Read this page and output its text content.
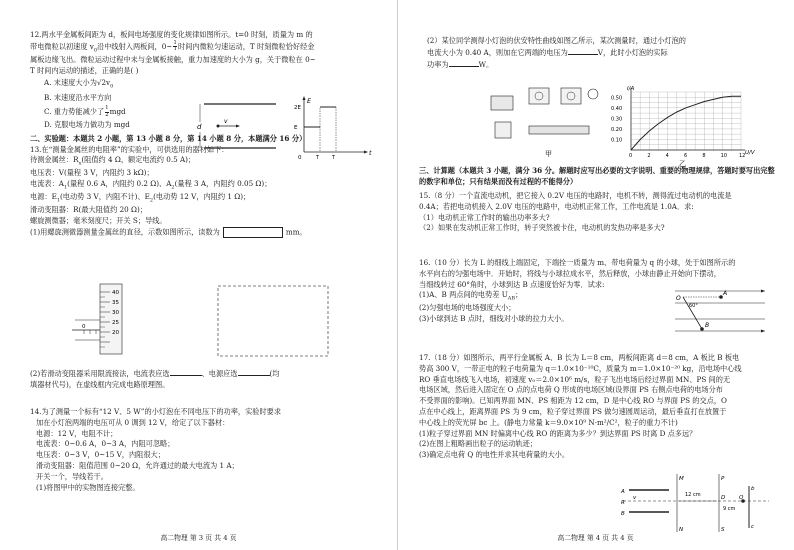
12.两水平金属板间距为 d，板间电场强度的变化规律如图所示。t=0 时刻，质量为 m 的

带电微粒以初速度 $v_0$沿中线射入两板间，0~ $\frac{1}{T}$ 时间内微粒匀速运动，T 时刻微粒恰好经金

属板边缘飞出。微粒运动过程中未与金属板接触，重力加速度的大小为 g，关于微粒在 0~

T 时间内运动的描述，正确的是( )

A. 末速度大小为$√2v_0$

B. 末速度沿水平方向

C. 重力势能减少了 $\frac{1}{2}$ mgd

D. 克服电场力做功为 mgd	v
d
E
t
2E
E
0	T	T

二、实验题：本题共 2 小题，第 13 小题 8 分，第 14 小题 8 分，本题满分 16 分）

13.在“测量金属丝的电阻率”的实验中，可供选用的器材如下：

待测金属丝：$R_x$(阻值约 4 Ω，额定电流约 0.5 A)；

电压表：V(量程 3 V，内阻约 3 kΩ)；

电流表：$A_1$(量程 0.6 A，内阻约 0.2 Ω)、$A_2$(量程 3 A，内阻约 0.05 Ω)；

电源：$E_1$(电动势 3 V，内阻不计)、$E_2$(电动势 12 V，内阻约 1 Ω)；

滑动变阻器：R(最大阻值约 20 Ω)；

螺旋测微器；毫米刻度尺；开关 S；导线。

(1)用螺旋测微器测量金属丝的直径，示数如图所示，读数为	mm。

40
35
30
25
20
0

(2)若滑动变阻器采用限流接法，电流表应选	、电源应选	(均

填器材代号)，在虚线框内完成电路原理图。

14.为了测量一个标有“12 V、5 W”的小灯泡在不同电压下的功率，实验时要求

加在小灯泡两端的电压可从 0 调到 12 V，给定了以下器材：

电源：12 V，电阻不计；

电流表：0~0.6 A，0~3 A，内阻可忽略；

电压表：0~3 V，0~15 V，内阻很大；

滑动变阻器：阻值范围 0~20 Ω，允许通过的最大电流为 1 A；

开关一个，导线若干。

(1)将图甲中的实物图连接完整。

高二物理 第 3 页 共 4 页

(2）某位同学测得小灯泡的伏安特性曲线如图乙所示，某次测量时，通过小灯泡的

电流大小为 0.40 A，则加在它两端的电压为	V，此时小灯泡的实际

功率为	W。

甲
I/A
U/V
乙
0	2	4	6	8	10 12
0.10
0.20
0.30
0.40
0.50

三、计算题（本题共 3 小题，满分 36 分。解题时应写出必要的文字说明、重要的物理规律，答题时要写出完整的数字和单位；只有结果而没有过程的不能得分）

15.（8 分）一个直流电动机，把它接入 0.2V 电压的电路时，电机不转，测得流过电动机的电流是

0.4A；若把电动机接入 2.0V 电压的电路中，电动机正常工作，工作电流是 1.0A．求:

（1）电动机正常工作时的输出功率多大?

（2）如果在发动机正常工作时，转子突然被卡住，电动机的发热功率是多大?

16.（10 分）长为 L 的细线上端固定，下端拴一质量为 m、带电荷量为 q 的小球，处于如图所示的

水平向右的匀强电场中．开始时，将线与小球拉成水平，然后释放，小球由静止开始向下摆动，

当细线转过 60°角时，小球到达 B 点速度恰好为零．试求:

(1)A、B 两点间的电势差 $U_{AB}$；

(2)匀强电场的电场强度大小；

(3)小球到达 B 点时，细线对小球的拉力大小。

O
A
B
60°

17.（18 分）如图所示，两平行金属板 A、B 长为 L＝8 cm，两板间距离 d＝8 cm，A 板比 B 板电

势高 300 V，一带正电的粒子电荷量为 q＝1.0×10⁻¹⁰C，质量为 m＝1.0×10⁻²⁰ kg，沿电场中心线

RO 垂直电场线飞入电场，初速度 v₀＝2.0×10⁶ m/s，粒子飞出电场后经过界面 MN、PS 间的无

电场区域，然后进入固定在 O 点的点电荷 Q 形成的电场区域(设界面 PS 右侧点电荷的电场分布

不受界面的影响)。已知两界面 MN、PS 相距为 12 cm，D 是中心线 RO 与界面 PS 的交点，O

点在中心线上，距离界面 PS 为 9 cm，粒子穿过界面 PS 做匀速圆周运动，最后垂直打在放置于

中心线上的荧光屏 bc 上。(静电力常量 k＝9.0×10⁹ N·m²/C²，粒子的重力不计)

(1)粒子穿过界面 MN 时偏离中心线 RO 的距离为多少？到达界面 PS 时离 D 点多远？

(2)在图上粗略画出粒子的运动轨迹；

(3)确定点电荷 Q 的电性并求其电荷量的大小。

M	P
N	S
A
B
R
D	O
v
b
c
12 cm
9 cm

高二物理 第 4 页 共 4 页
